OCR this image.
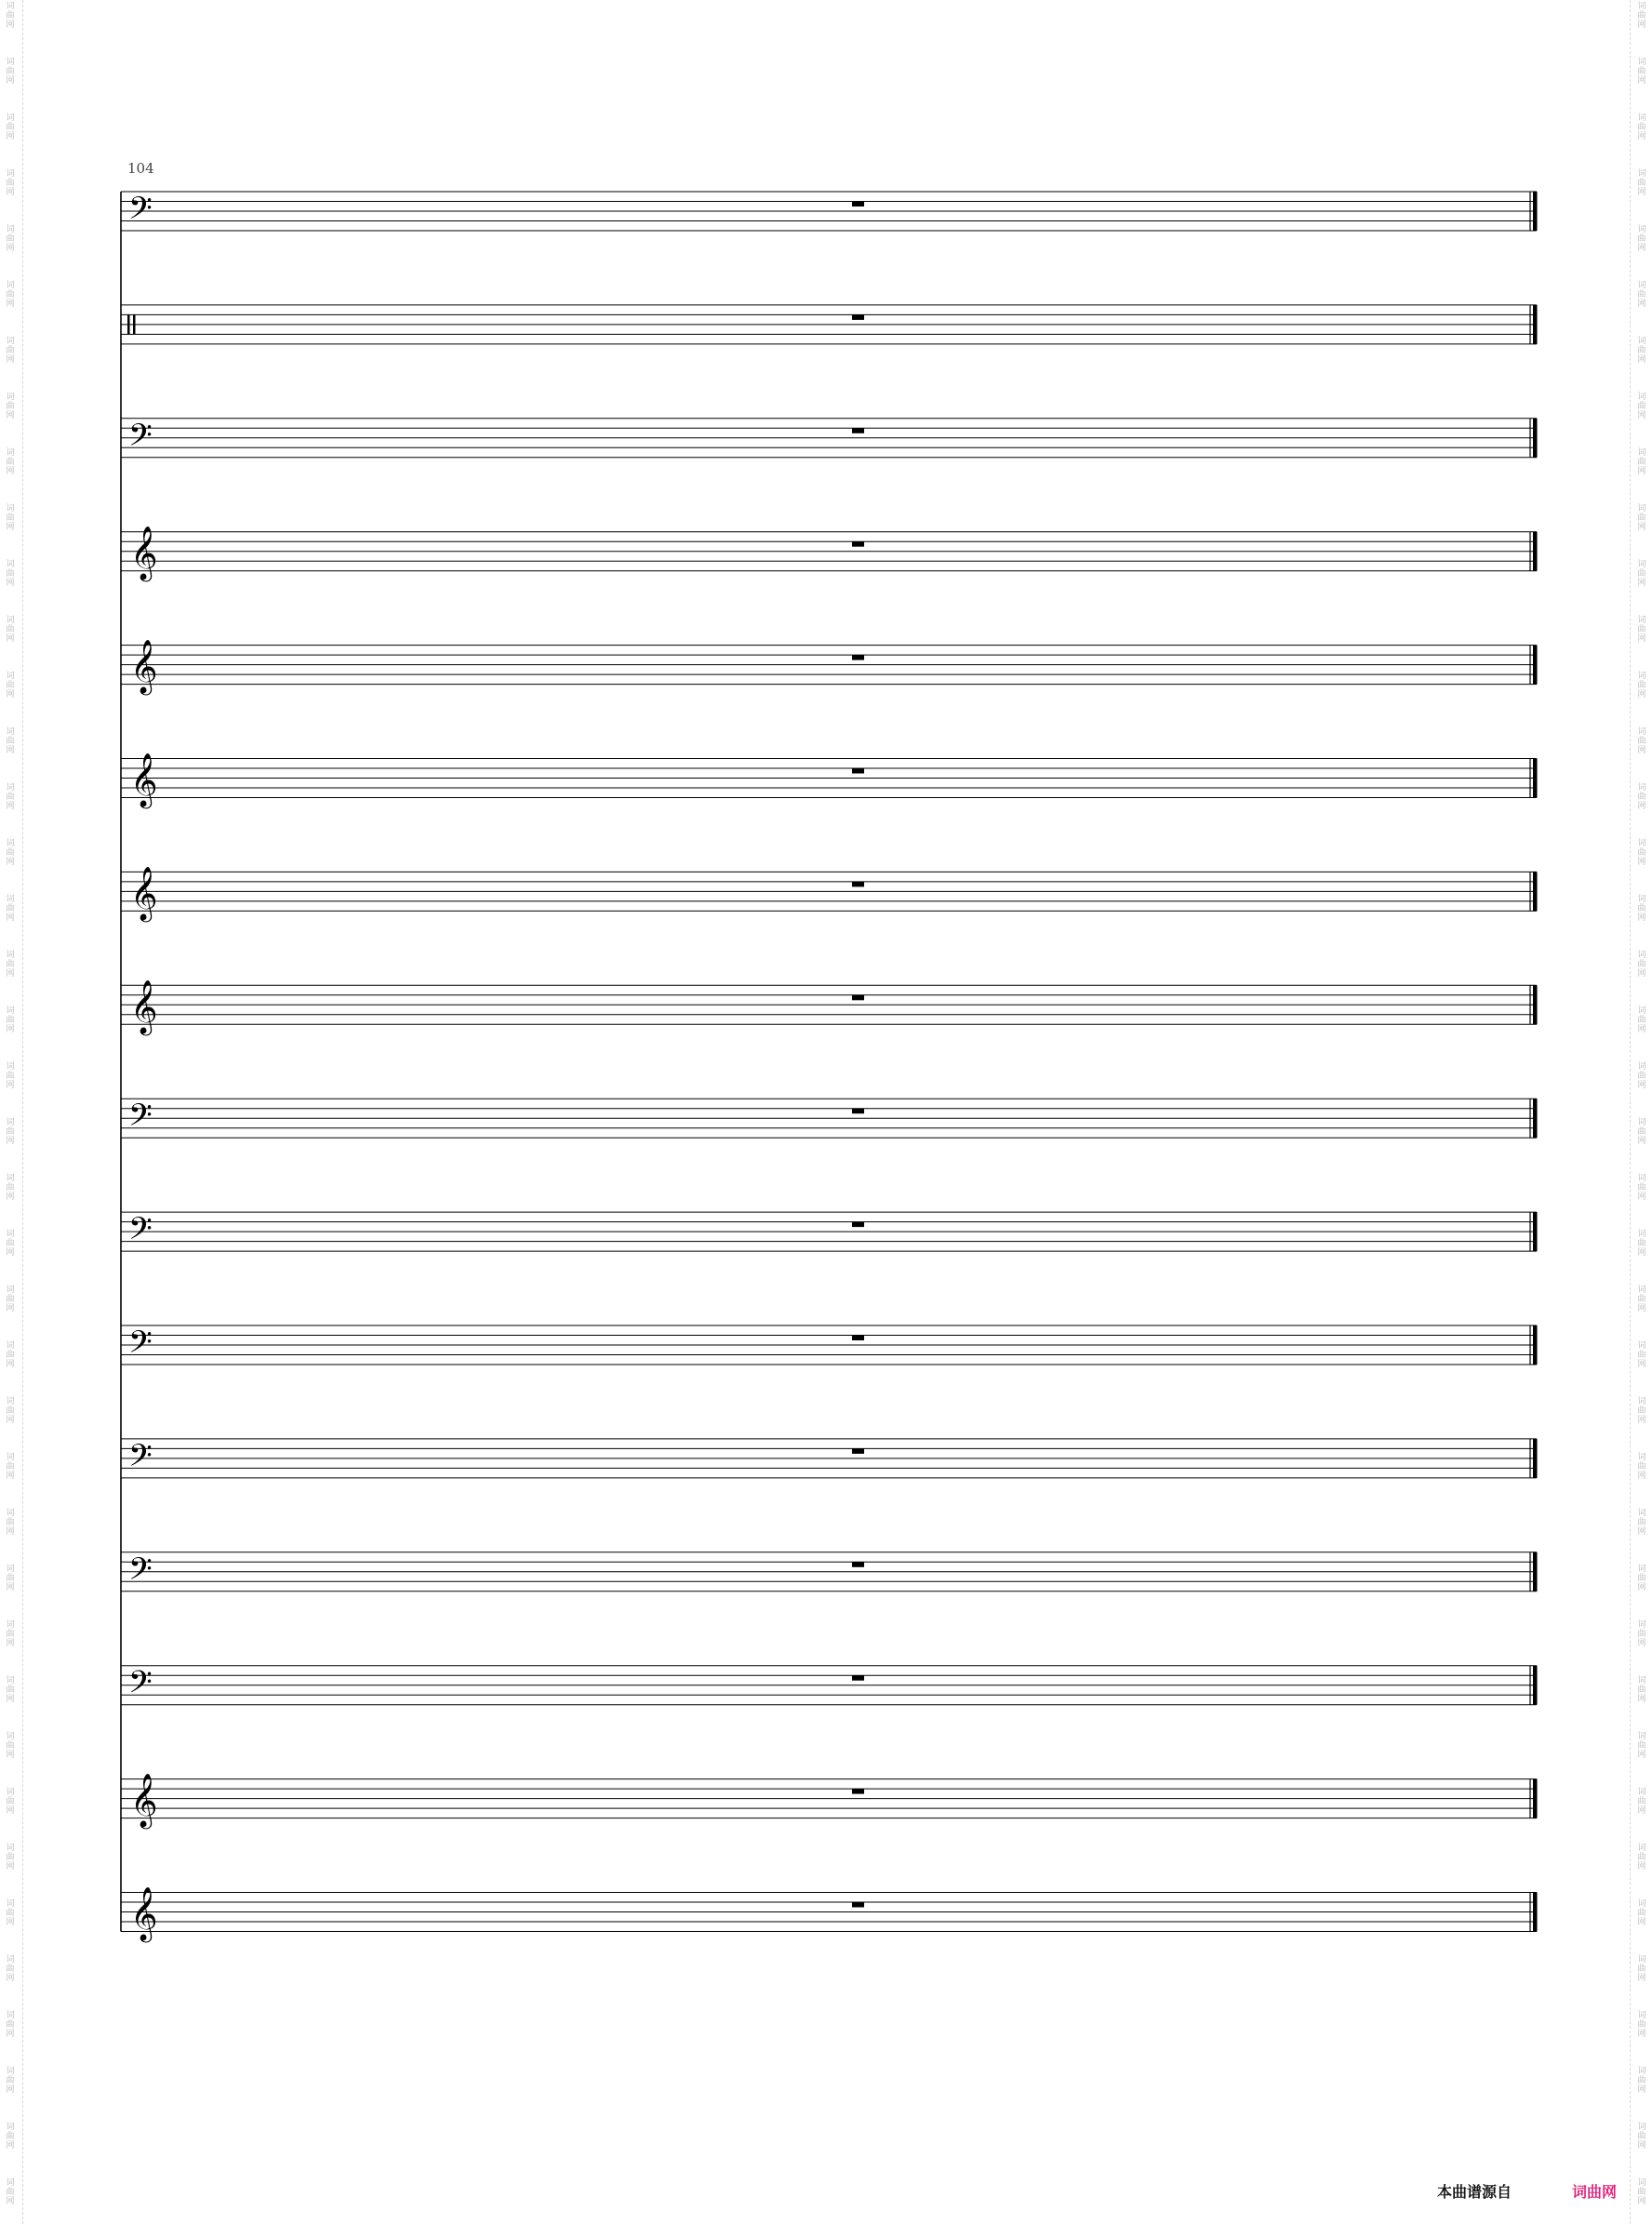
词
曲
网
词
曲
网
词
曲
网
词
曲
网
词
曲
网
词
曲
网
词
曲
网
词
曲
网
词
曲
网
词
曲
网
词
曲
网
词
曲
网
词
曲
网
词
曲
网
词
曲
网
词
曲
网
词
曲
网
词
曲
网
词
曲
网
词
曲
网
词
曲
网
词
曲
网
词
曲
网
词
曲
网
词
曲
网
词
曲
网
词
曲
网
词
曲
网
词
曲
网
词
曲
网
词
曲
网
词
曲
网
词
曲
网
词
曲
网
词
曲
网
词
曲
网
词
曲
网
词
曲
网
词
曲
网
词
曲
网
词
曲
网
词
曲
网
词
曲
网
词
曲
网
词
曲
网
词
曲
网
词
曲
网
词
曲
网
词
曲
网
词
曲
网
词
曲
网
词
曲
网
词
曲
网
词
曲
网
词
曲
网
词
曲
网
词
曲
网
词
曲
网
词
曲
网
词
曲
网
词
曲
网
词
曲
网
词
曲
网
词
曲
网
词
曲
网
词
曲
网
词
曲
网
词
曲
网
词
曲
网
词
曲
网
词
曲
网
词
曲
网
词
曲
网
词
曲
网
词
曲
网
词
曲
网
词
曲
网
词
曲
网
词
曲
网
词
曲
网
𝄢
𝄢
𝄞
𝄞
𝄞
𝄞
𝄞
𝄢
𝄢
𝄢
𝄢
𝄢
𝄢
𝄞
𝄞
104
本曲谱源自	词曲网
